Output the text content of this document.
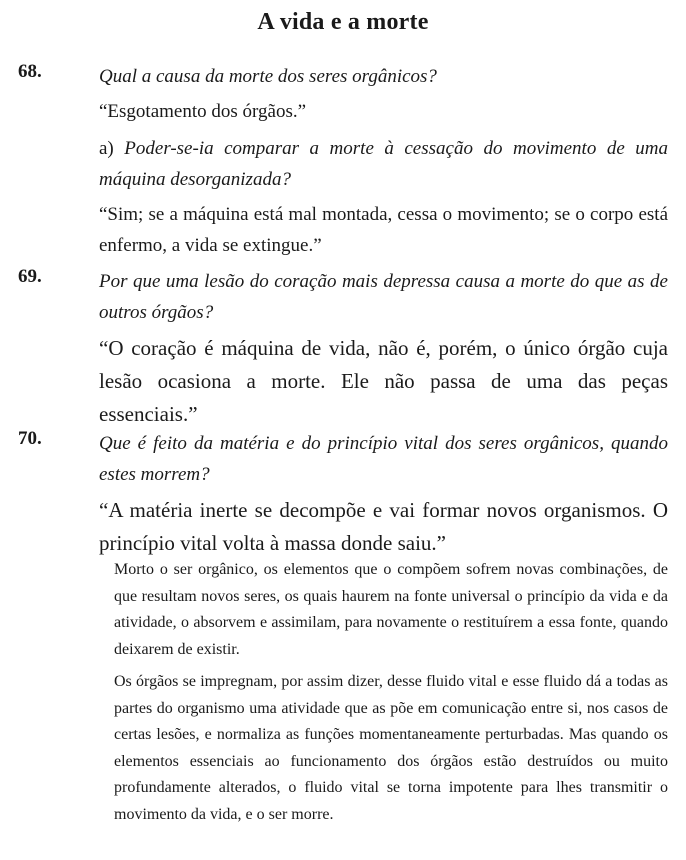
A vida e a morte
68.	Qual a causa da morte dos seres orgânicos?
“Esgotamento dos órgãos.”
a) Poder-se-ia comparar a morte à cessação do movimento de uma máquina desorganizada?
“Sim; se a máquina está mal montada, cessa o movimento; se o corpo está enfermo, a vida se extingue.”
69.	Por que uma lesão do coração mais depressa causa a morte do que as de outros órgãos?
“O coração é máquina de vida, não é, porém, o único órgão cuja lesão ocasiona a morte. Ele não passa de uma das peças essenciais.”
70.	Que é feito da matéria e do princípio vital dos seres orgânicos, quando estes morrem?
“A matéria inerte se decompõe e vai formar novos organismos. O princípio vital volta à massa donde saiu.”

Morto o ser orgânico, os elementos que o compõem sofrem novas combinações, de que resultam novos seres, os quais haurem na fonte universal o princípio da vida e da atividade, o absorvem e assimilam, para novamente o restituírem a essa fonte, quando deixarem de existir.

Os órgãos se impregnam, por assim dizer, desse fluido vital e esse fluido dá a todas as partes do organismo uma atividade que as põe em comunicação entre si, nos casos de certas lesões, e normaliza as funções momentaneamente perturbadas. Mas quando os elementos essenciais ao funcionamento dos órgãos estão destruídos ou muito profundamente alterados, o fluido vital se torna impotente para lhes transmitir o movimento da vida, e o ser morre.
